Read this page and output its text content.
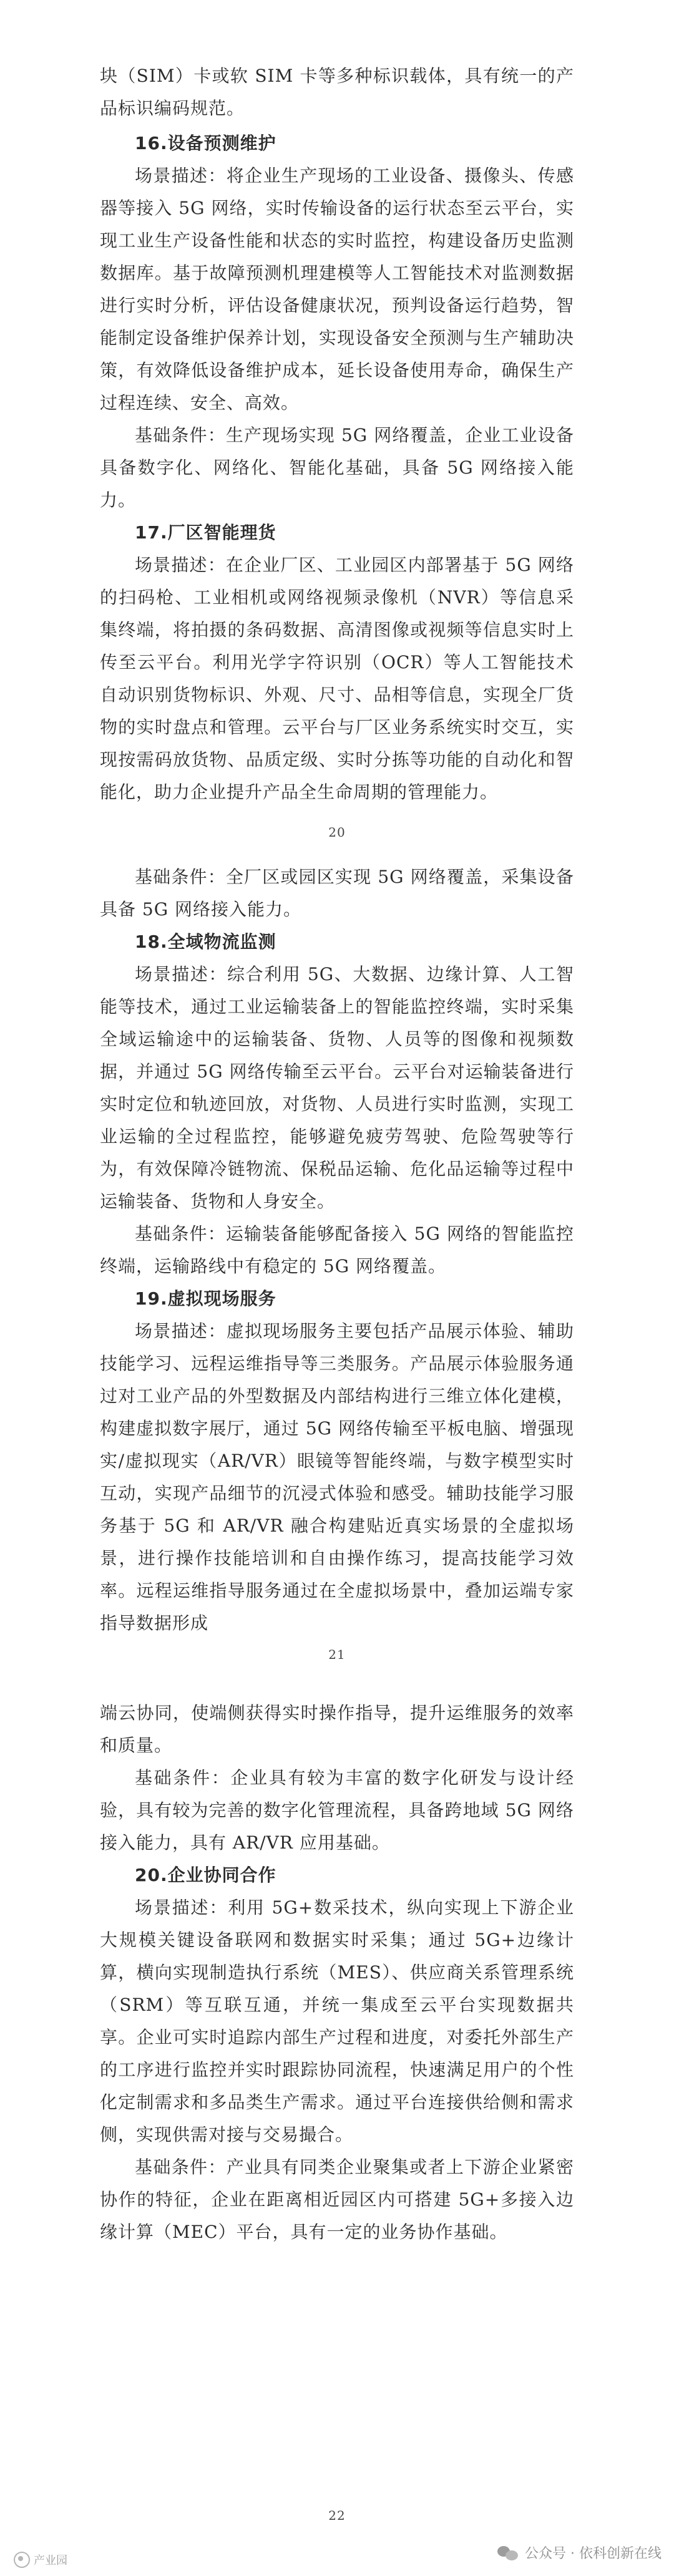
块（SIM）卡或软 SIM 卡等多种标识载体，具有统一的产品标识编码规范。

16.设备预测维护

场景描述：将企业生产现场的工业设备、摄像头、传感器等接入 5G 网络，实时传输设备的运行状态至云平台，实现工业生产设备性能和状态的实时监控，构建设备历史监测数据库。基于故障预测机理建模等人工智能技术对监测数据进行实时分析，评估设备健康状况，预判设备运行趋势，智能制定设备维护保养计划，实现设备安全预测与生产辅助决策，有效降低设备维护成本，延长设备使用寿命，确保生产过程连续、安全、高效。

基础条件：生产现场实现 5G 网络覆盖，企业工业设备具备数字化、网络化、智能化基础，具备 5G 网络接入能力。

17.厂区智能理货

场景描述：在企业厂区、工业园区内部署基于 5G 网络的扫码枪、工业相机或网络视频录像机（NVR）等信息采集终端，将拍摄的条码数据、高清图像或视频等信息实时上传至云平台。利用光学字符识别（OCR）等人工智能技术自动识别货物标识、外观、尺寸、品相等信息，实现全厂货物的实时盘点和管理。云平台与厂区业务系统实时交互，实现按需码放货物、品质定级、实时分拣等功能的自动化和智能化，助力企业提升产品全生命周期的管理能力。

20

基础条件：全厂区或园区实现 5G 网络覆盖，采集设备具备 5G 网络接入能力。

18.全域物流监测

场景描述：综合利用 5G、大数据、边缘计算、人工智能等技术，通过工业运输装备上的智能监控终端，实时采集全域运输途中的运输装备、货物、人员等的图像和视频数据，并通过 5G 网络传输至云平台。云平台对运输装备进行实时定位和轨迹回放，对货物、人员进行实时监测，实现工业运输的全过程监控，能够避免疲劳驾驶、危险驾驶等行为，有效保障冷链物流、保税品运输、危化品运输等过程中运输装备、货物和人身安全。

基础条件：运输装备能够配备接入 5G 网络的智能监控终端，运输路线中有稳定的 5G 网络覆盖。

19.虚拟现场服务

场景描述：虚拟现场服务主要包括产品展示体验、辅助技能学习、远程运维指导等三类服务。产品展示体验服务通过对工业产品的外型数据及内部结构进行三维立体化建模，构建虚拟数字展厅，通过 5G 网络传输至平板电脑、增强现实/虚拟现实（AR/VR）眼镜等智能终端，与数字模型实时互动，实现产品细节的沉浸式体验和感受。辅助技能学习服务基于 5G 和 AR/VR 融合构建贴近真实场景的全虚拟场景，进行操作技能培训和自由操作练习，提高技能学习效率。远程运维指导服务通过在全虚拟场景中，叠加运端专家指导数据形成

21

端云协同，使端侧获得实时操作指导，提升运维服务的效率和质量。

基础条件：企业具有较为丰富的数字化研发与设计经验，具有较为完善的数字化管理流程，具备跨地域 5G 网络接入能力，具有 AR/VR 应用基础。

20.企业协同合作

场景描述：利用 5G+数采技术，纵向实现上下游企业大规模关键设备联网和数据实时采集；通过 5G+边缘计算，横向实现制造执行系统（MES）、供应商关系管理系统（SRM）等互联互通，并统一集成至云平台实现数据共享。企业可实时追踪内部生产过程和进度，对委托外部生产的工序进行监控并实时跟踪协同流程，快速满足用户的个性化定制需求和多品类生产需求。通过平台连接供给侧和需求侧，实现供需对接与交易撮合。

基础条件：产业具有同类企业聚集或者上下游企业紧密协作的特征，企业在距离相近园区内可搭建 5G+多接入边缘计算（MEC）平台，具有一定的业务协作基础。

22
产业园	公众号 · 依科创新在线
